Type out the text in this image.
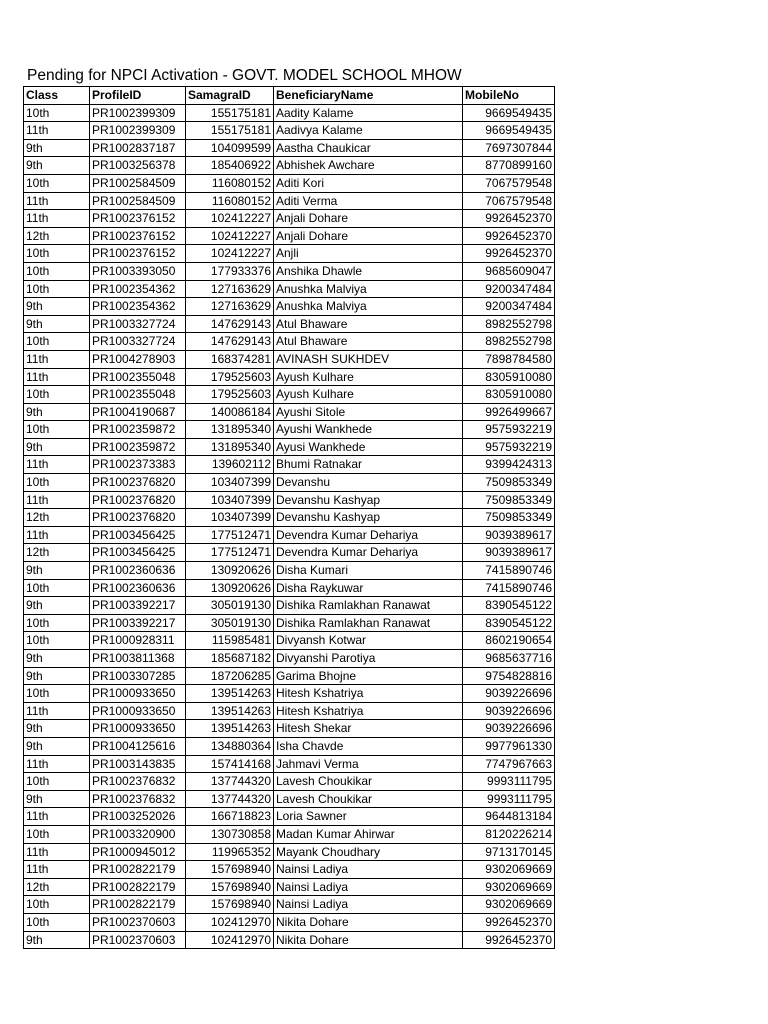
Pending for NPCI Activation - GOVT. MODEL SCHOOL MHOW
Class	ProfileID	SamagraID	BeneficiaryName	MobileNo
10th	PR1002399309	155175181	Aadity Kalame	9669549435
11th	PR1002399309	155175181	Aadivya Kalame	9669549435
9th	PR1002837187	104099599	Aastha Chaukicar	7697307844
9th	PR1003256378	185406922	Abhishek Awchare	8770899160
10th	PR1002584509	116080152	Aditi Kori	7067579548
11th	PR1002584509	116080152	Aditi Verma	7067579548
11th	PR1002376152	102412227	Anjali Dohare	9926452370
12th	PR1002376152	102412227	Anjali Dohare	9926452370
10th	PR1002376152	102412227	Anjli	9926452370
10th	PR1003393050	177933376	Anshika Dhawle	9685609047
10th	PR1002354362	127163629	Anushka Malviya	9200347484
9th	PR1002354362	127163629	Anushka Malviya	9200347484
9th	PR1003327724	147629143	Atul Bhaware	8982552798
10th	PR1003327724	147629143	Atul Bhaware	8982552798
11th	PR1004278903	168374281	AVINASH SUKHDEV	7898784580
11th	PR1002355048	179525603	Ayush Kulhare	8305910080
10th	PR1002355048	179525603	Ayush Kulhare	8305910080
9th	PR1004190687	140086184	Ayushi Sitole	9926499667
10th	PR1002359872	131895340	Ayushi Wankhede	9575932219
9th	PR1002359872	131895340	Ayusi Wankhede	9575932219
11th	PR1002373383	139602112	Bhumi Ratnakar	9399424313
10th	PR1002376820	103407399	Devanshu	7509853349
11th	PR1002376820	103407399	Devanshu Kashyap	7509853349
12th	PR1002376820	103407399	Devanshu Kashyap	7509853349
11th	PR1003456425	177512471	Devendra Kumar Dehariya	9039389617
12th	PR1003456425	177512471	Devendra Kumar Dehariya	9039389617
9th	PR1002360636	130920626	Disha Kumari	7415890746
10th	PR1002360636	130920626	Disha Raykuwar	7415890746
9th	PR1003392217	305019130	Dishika Ramlakhan Ranawat	8390545122
10th	PR1003392217	305019130	Dishika Ramlakhan Ranawat	8390545122
10th	PR1000928311	115985481	Divyansh Kotwar	8602190654
9th	PR1003811368	185687182	Divyanshi Parotiya	9685637716
9th	PR1003307285	187206285	Garima Bhojne	9754828816
10th	PR1000933650	139514263	Hitesh Kshatriya	9039226696
11th	PR1000933650	139514263	Hitesh Kshatriya	9039226696
9th	PR1000933650	139514263	Hitesh Shekar	9039226696
9th	PR1004125616	134880364	Isha Chavde	9977961330
11th	PR1003143835	157414168	Jahmavi Verma	7747967663
10th	PR1002376832	137744320	Lavesh Choukikar	9993111795
9th	PR1002376832	137744320	Lavesh Choukikar	9993111795
11th	PR1003252026	166718823	Loria Sawner	9644813184
10th	PR1003320900	130730858	Madan Kumar Ahirwar	8120226214
11th	PR1000945012	119965352	Mayank Choudhary	9713170145
11th	PR1002822179	157698940	Nainsi Ladiya	9302069669
12th	PR1002822179	157698940	Nainsi Ladiya	9302069669
10th	PR1002822179	157698940	Nainsi Ladiya	9302069669
10th	PR1002370603	102412970	Nikita Dohare	9926452370
9th	PR1002370603	102412970	Nikita Dohare	9926452370
